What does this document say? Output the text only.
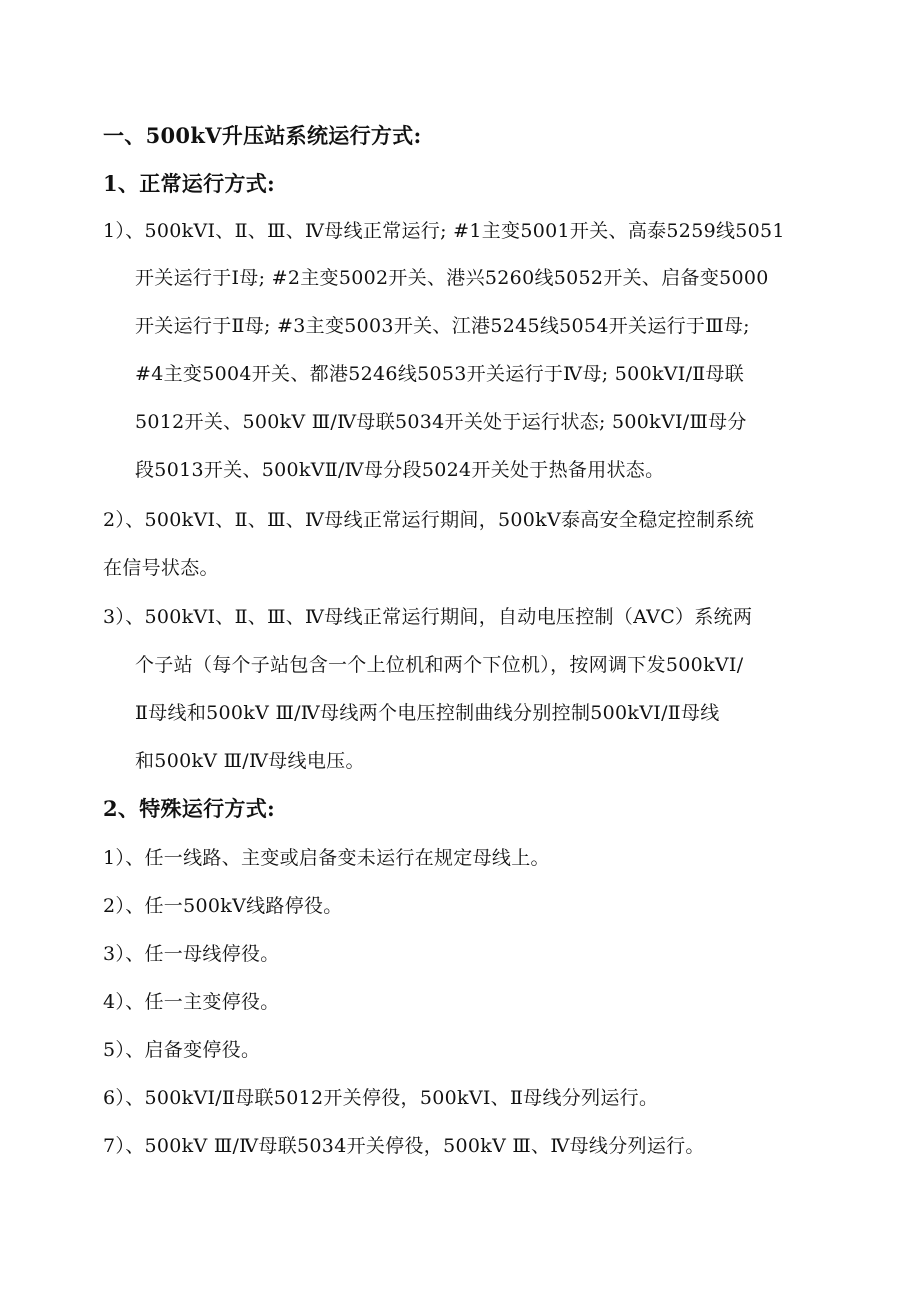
一、500kV升压站系统运行方式:
1、正常运行方式:
1）、500kVⅠ、Ⅱ、Ⅲ、Ⅳ母线正常运行; #1主变5001开关、高泰5259线5051
开关运行于Ⅰ母; #2主变5002开关、港兴5260线5052开关、启备变5000
开关运行于Ⅱ母; #3主变5003开关、江港5245线5054开关运行于Ⅲ母;
#4主变5004开关、都港5246线5053开关运行于Ⅳ母; 500kVⅠ/Ⅱ母联
5012开关、500kV Ⅲ/Ⅳ母联5034开关处于运行状态; 500kVⅠ/Ⅲ母分
段5013开关、500kVⅡ/Ⅳ母分段5024开关处于热备用状态。
2）、500kVⅠ、Ⅱ、Ⅲ、Ⅳ母线正常运行期间，500kV泰高安全稳定控制系统
在信号状态。
3）、500kVⅠ、Ⅱ、Ⅲ、Ⅳ母线正常运行期间，自动电压控制（AVC）系统两
个子站（每个子站包含一个上位机和两个下位机），按网调下发500kVⅠ/
Ⅱ母线和500kV Ⅲ/Ⅳ母线两个电压控制曲线分别控制500kVⅠ/Ⅱ母线
和500kV Ⅲ/Ⅳ母线电压。
2、特殊运行方式:
1）、任一线路、主变或启备变未运行在规定母线上。
2）、任一500kV线路停役。
3）、任一母线停役。
4）、任一主变停役。
5）、启备变停役。
6）、500kVⅠ/Ⅱ母联5012开关停役，500kVⅠ、Ⅱ母线分列运行。
7）、500kV Ⅲ/Ⅳ母联5034开关停役，500kV Ⅲ、Ⅳ母线分列运行。
